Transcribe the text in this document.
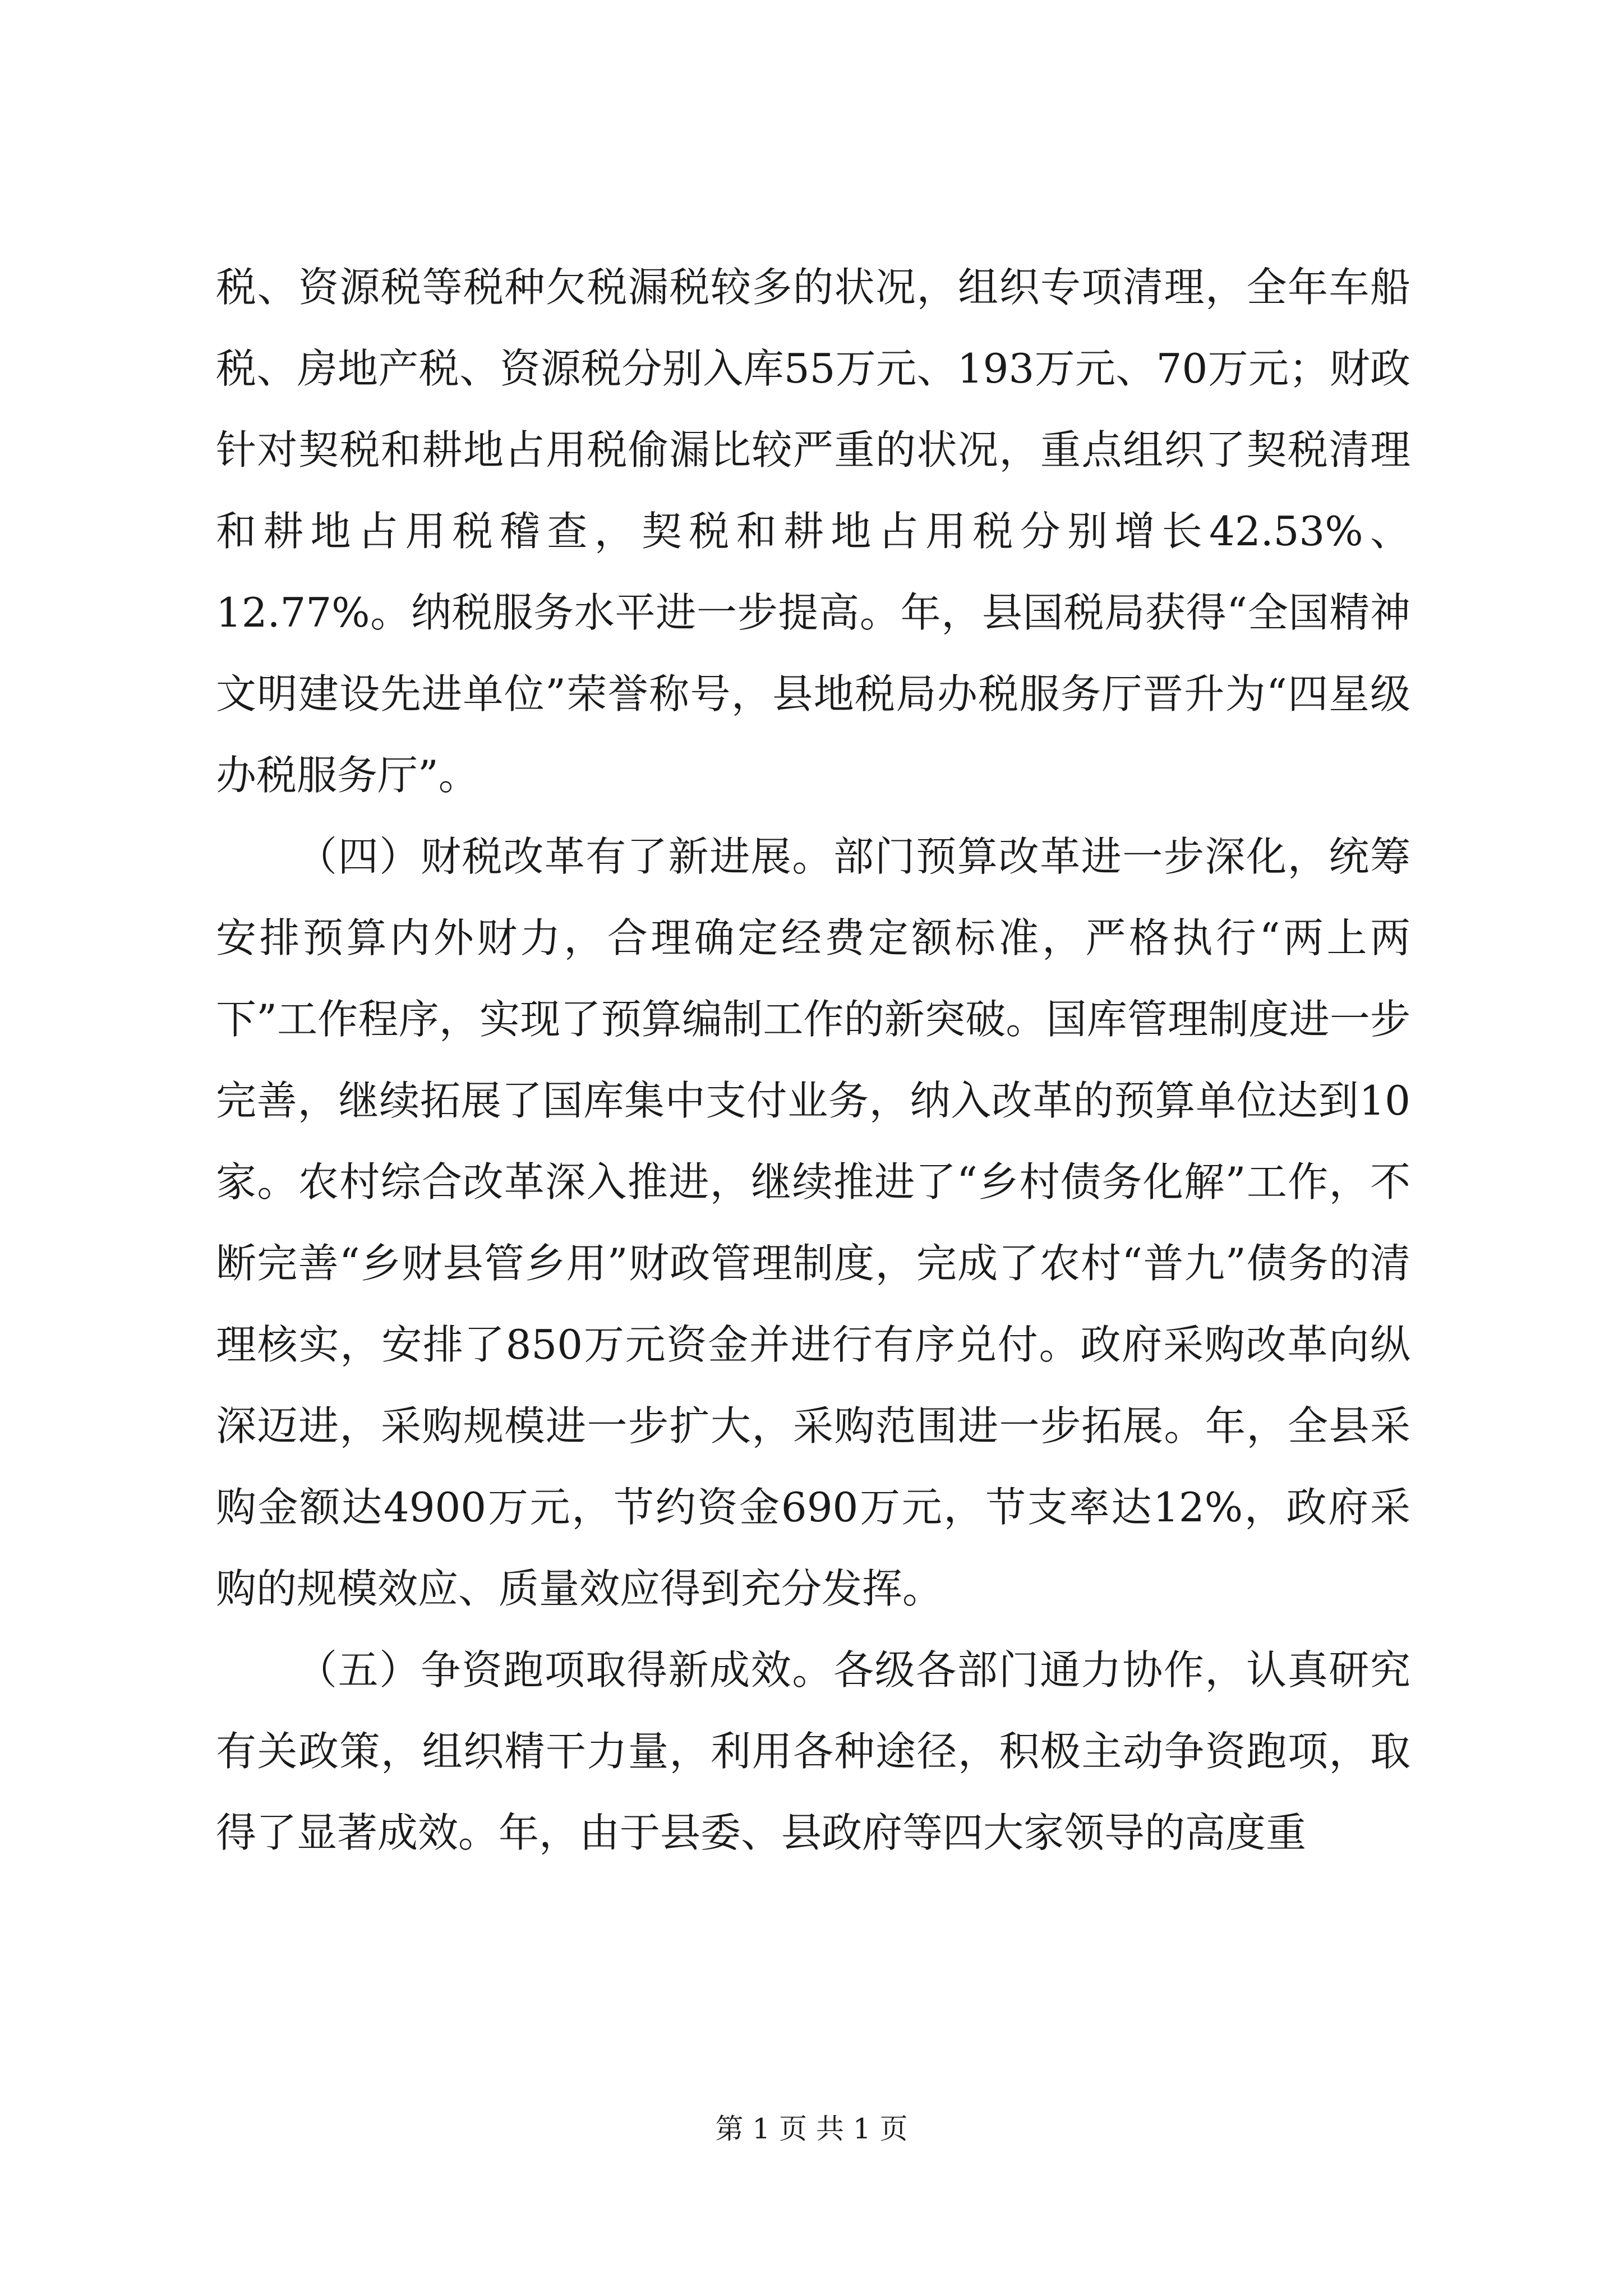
税、资源税等税种欠税漏税较多的状况，组织专项清理，全年车船税、房地产税、资源税分别入库55万元、193万元、70万元；财政针对契税和耕地占用税偷漏比较严重的状况，重点组织了契税清理和耕地占用税稽查，契税和耕地占用税分别增长42.53%、12.77%。纳税服务水平进一步提高。年，县国税局获得“全国精神文明建设先进单位”荣誉称号，县地税局办税服务厅晋升为“四星级办税服务厅”。

（四）财税改革有了新进展。部门预算改革进一步深化，统筹安排预算内外财力，合理确定经费定额标准，严格执行“两上两下”工作程序，实现了预算编制工作的新突破。国库管理制度进一步完善，继续拓展了国库集中支付业务，纳入改革的预算单位达到10家。农村综合改革深入推进，继续推进了“乡村债务化解”工作，不断完善“乡财县管乡用”财政管理制度，完成了农村“普九”债务的清理核实，安排了850万元资金并进行有序兑付。政府采购改革向纵深迈进，采购规模进一步扩大，采购范围进一步拓展。年，全县采购金额达4900万元，节约资金690万元，节支率达12%，政府采购的规模效应、质量效应得到充分发挥。

（五）争资跑项取得新成效。各级各部门通力协作，认真研究有关政策，组织精干力量，利用各种途径，积极主动争资跑项，取得了显著成效。年，由于县委、县政府等四大家领导的高度重

第 1 页 共 1 页
